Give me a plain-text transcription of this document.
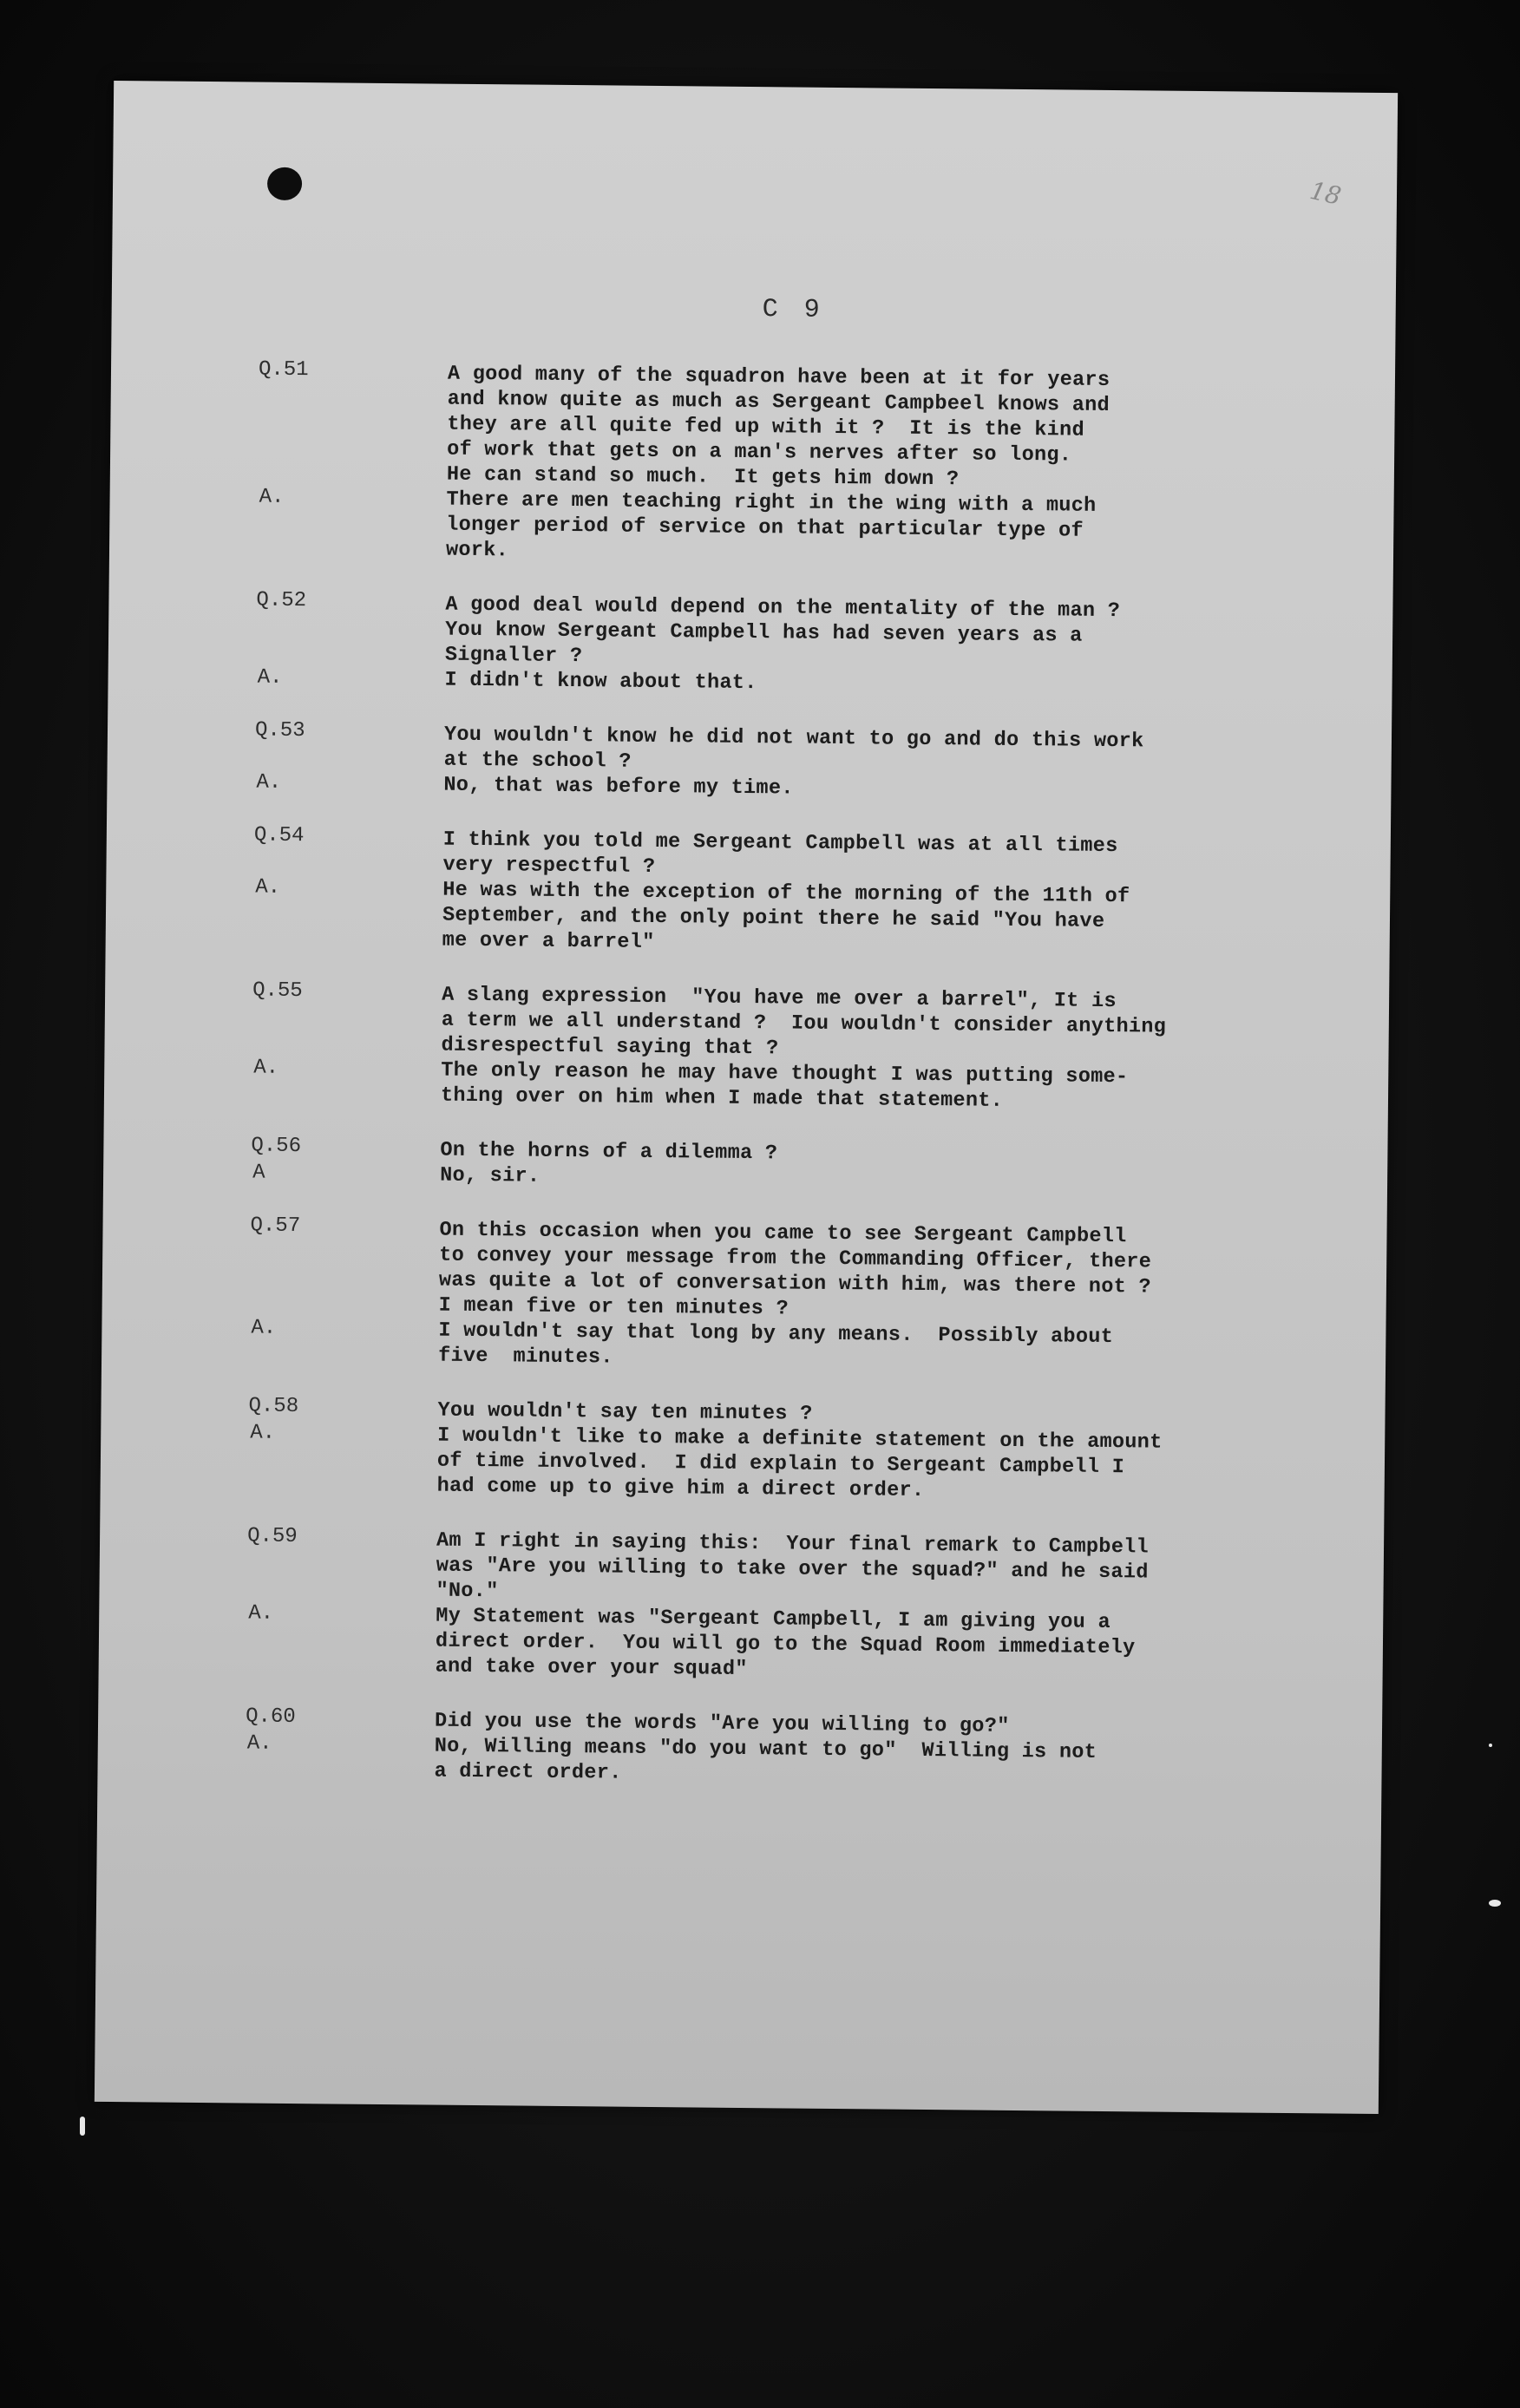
18
C 9
Q.51	A good many of the squadron have been at it for years
and know quite as much as Sergeant Campbeel knows and
they are all quite fed up with it ?  It is the kind
of work that gets on a man's nerves after so long.
He can stand so much.  It gets him down ?
A.	There are men teaching right in the wing with a much
longer period of service on that particular type of
work.
Q.52	A good deal would depend on the mentality of the man ?
You know Sergeant Campbell has had seven years as a
Signaller ?
A.	I didn't know about that.
Q.53	You wouldn't know he did not want to go and do this work
at the school ?
A.	No, that was before my time.
Q.54	I think you told me Sergeant Campbell was at all times
very respectful ?
A.	He was with the exception of the morning of the 11th of
September, and the only point there he said "You have
me over a barrel"
Q.55	A slang expression  "You have me over a barrel", It is
a term we all understand ?  Iou wouldn't consider anything
disrespectful saying that ?
A.	The only reason he may have thought I was putting some-
thing over on him when I made that statement.
Q.56	On the horns of a dilemma ?
A	No, sir.
Q.57	On this occasion when you came to see Sergeant Campbell
to convey your message from the Commanding Officer, there
was quite a lot of conversation with him, was there not ?
I mean five or ten minutes ?
A.	I wouldn't say that long by any means.  Possibly about
five  minutes.
Q.58	You wouldn't say ten minutes ?
A.	I wouldn't like to make a definite statement on the amount
of time involved.  I did explain to Sergeant Campbell I
had come up to give him a direct order.
Q.59	Am I right in saying this:  Your final remark to Campbell
was "Are you willing to take over the squad?" and he said
"No."
A.	My Statement was "Sergeant Campbell, I am giving you a
direct order.  You will go to the Squad Room immediately
and take over your squad"
Q.60	Did you use the words "Are you willing to go?"
A.	No, Willing means "do you want to go"  Willing is not
a direct order.
